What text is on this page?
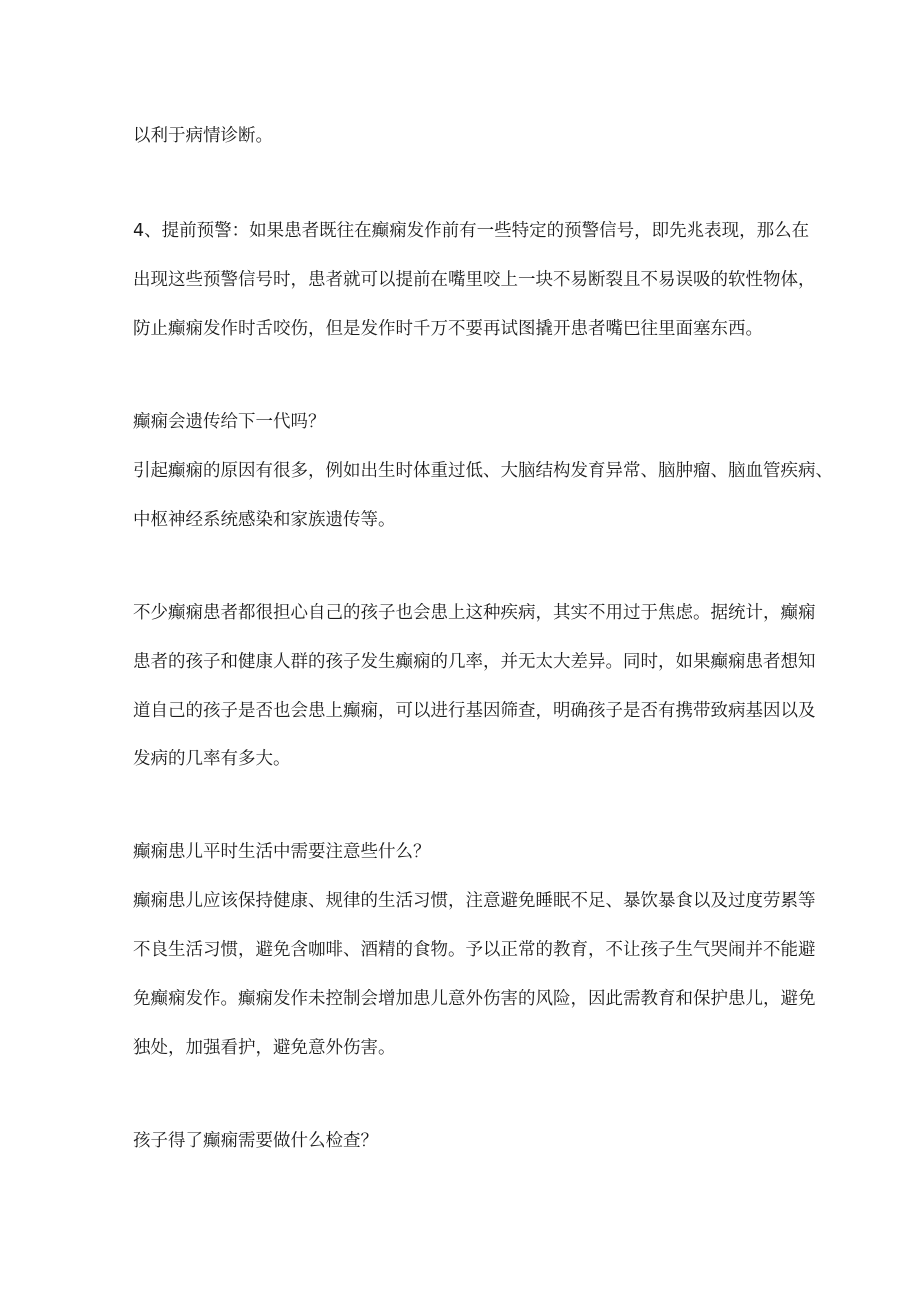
以利于病情诊断。
4、提前预警：如果患者既往在癫痫发作前有一些特定的预警信号，即先兆表现，那么在
出现这些预警信号时，患者就可以提前在嘴里咬上一块不易断裂且不易误吸的软性物体，
防止癫痫发作时舌咬伤，但是发作时千万不要再试图撬开患者嘴巴往里面塞东西。
癫痫会遗传给下一代吗？
引起癫痫的原因有很多，例如出生时体重过低、大脑结构发育异常、脑肿瘤、脑血管疾病、
中枢神经系统感染和家族遗传等。
不少癫痫患者都很担心自己的孩子也会患上这种疾病，其实不用过于焦虑。据统计，癫痫
患者的孩子和健康人群的孩子发生癫痫的几率，并无太大差异。同时，如果癫痫患者想知
道自己的孩子是否也会患上癫痫，可以进行基因筛查，明确孩子是否有携带致病基因以及
发病的几率有多大。
癫痫患儿平时生活中需要注意些什么？
癫痫患儿应该保持健康、规律的生活习惯，注意避免睡眠不足、暴饮暴食以及过度劳累等
不良生活习惯，避免含咖啡、酒精的食物。予以正常的教育，不让孩子生气哭闹并不能避
免癫痫发作。癫痫发作未控制会增加患儿意外伤害的风险，因此需教育和保护患儿，避免
独处，加强看护，避免意外伤害。
孩子得了癫痫需要做什么检查？
